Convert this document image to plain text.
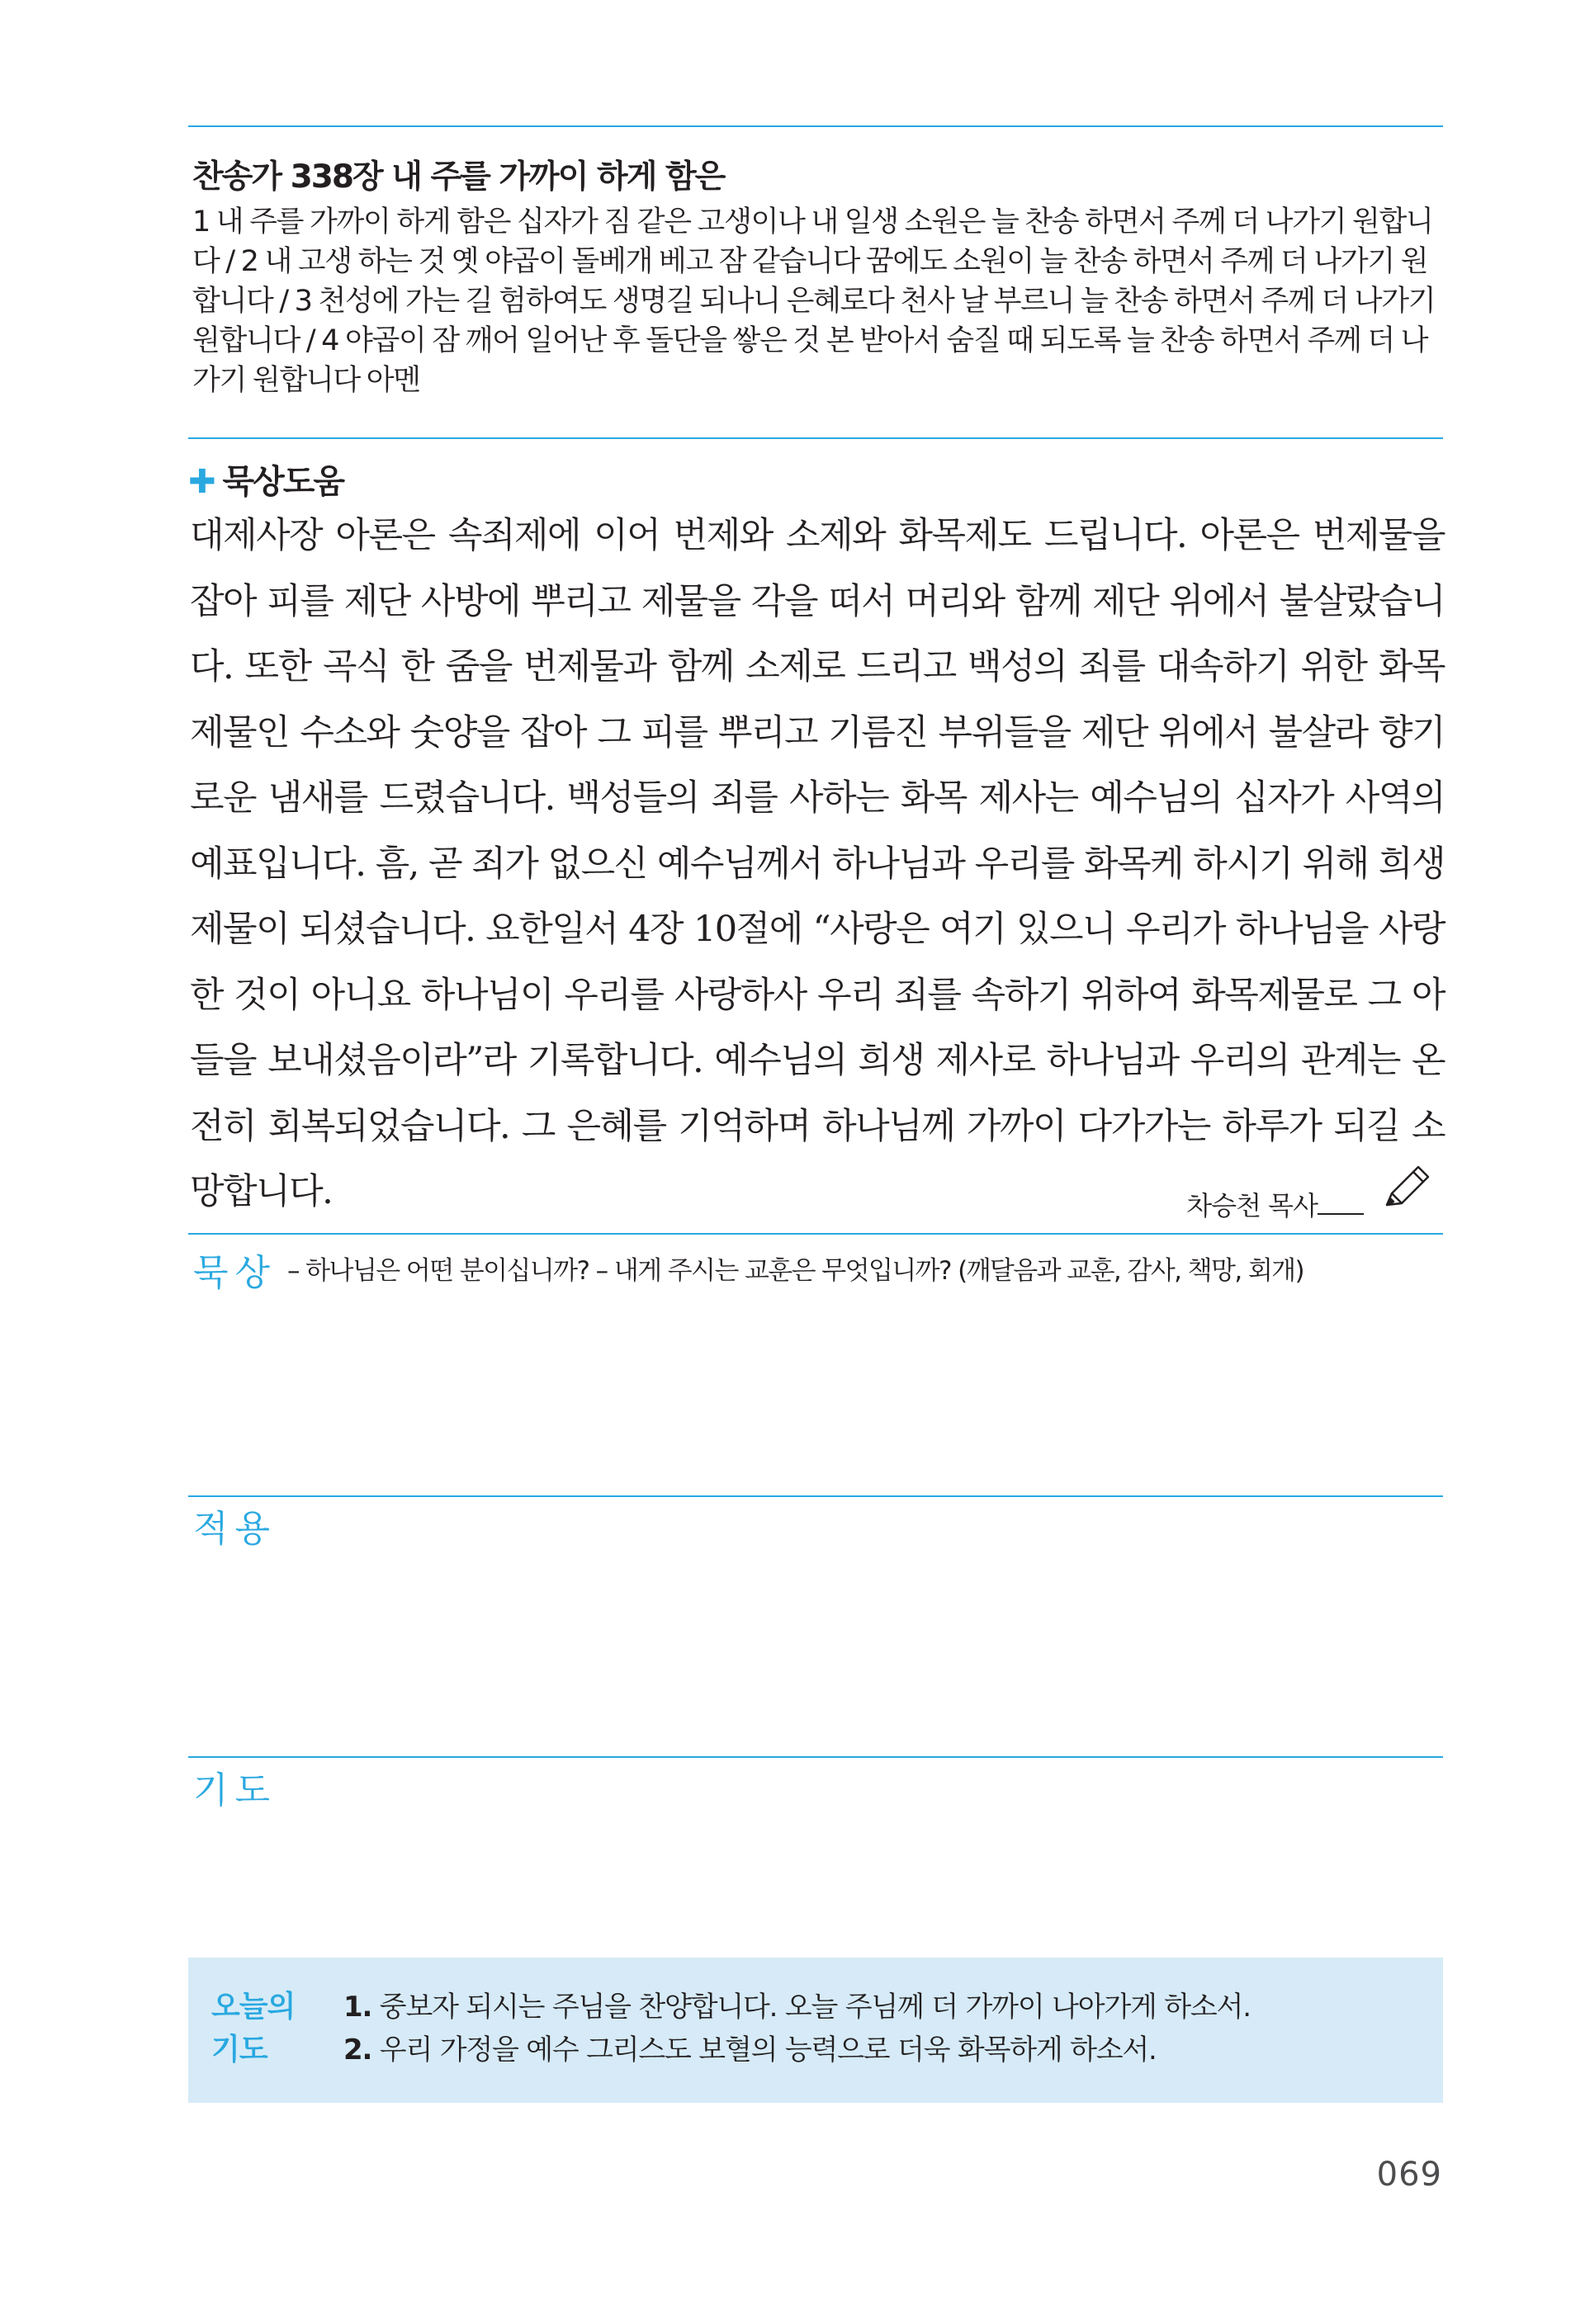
찬송가 338장 내 주를 가까이 하게 함은
1 내 주를 가까이 하게 함은 십자가 짐 같은 고생이나 내 일생 소원은 늘 찬송 하면서 주께 더 나가기 원합니다 / 2 내 고생 하는 것 옛 야곱이 돌베개 베고 잠 같습니다 꿈에도 소원이 늘 찬송 하면서 주께 더 나가기 원합니다 / 3 천성에 가는 길 험하여도 생명길 되나니 은혜로다 천사 날 부르니 늘 찬송 하면서 주께 더 나가기 원합니다 / 4 야곱이 잠 깨어 일어난 후 돌단을 쌓은 것 본 받아서 숨질 때 되도록 늘 찬송 하면서 주께 더 나가기 원합니다 아멘
✚ 묵상도움
대제사장 아론은 속죄제에 이어 번제와 소제와 화목제도 드립니다. 아론은 번제물을 잡아 피를 제단 사방에 뿌리고 제물을 각을 떠서 머리와 함께 제단 위에서 불살랐습니다. 또한 곡식 한 줌을 번제물과 함께 소제로 드리고 백성의 죄를 대속하기 위한 화목제물인 수소와 숫양을 잡아 그 피를 뿌리고 기름진 부위들을 제단 위에서 불살라 향기로운 냄새를 드렸습니다. 백성들의 죄를 사하는 화목 제사는 예수님의 십자가 사역의 예표입니다. 흠, 곧 죄가 없으신 예수님께서 하나님과 우리를 화목케 하시기 위해 희생제물이 되셨습니다. 요한일서 4장 10절에 “사랑은 여기 있으니 우리가 하나님을 사랑한 것이 아니요 하나님이 우리를 사랑하사 우리 죄를 속하기 위하여 화목제물로 그 아들을 보내셨음이라”라 기록합니다. 예수님의 희생 제사로 하나님과 우리의 관계는 온전히 회복되었습니다. 그 은혜를 기억하며 하나님께 가까이 다가가는 하루가 되길 소망합니다.	차승천 목사
묵상 – 하나님은 어떤 분이십니까? – 내게 주시는 교훈은 무엇입니까? (깨달음과 교훈, 감사, 책망, 회개)
적용
기도
오늘의 기도
1. 중보자 되시는 주님을 찬양합니다. 오늘 주님께 더 가까이 나아가게 하소서.
2. 우리 가정을 예수 그리스도 보혈의 능력으로 더욱 화목하게 하소서.
069
